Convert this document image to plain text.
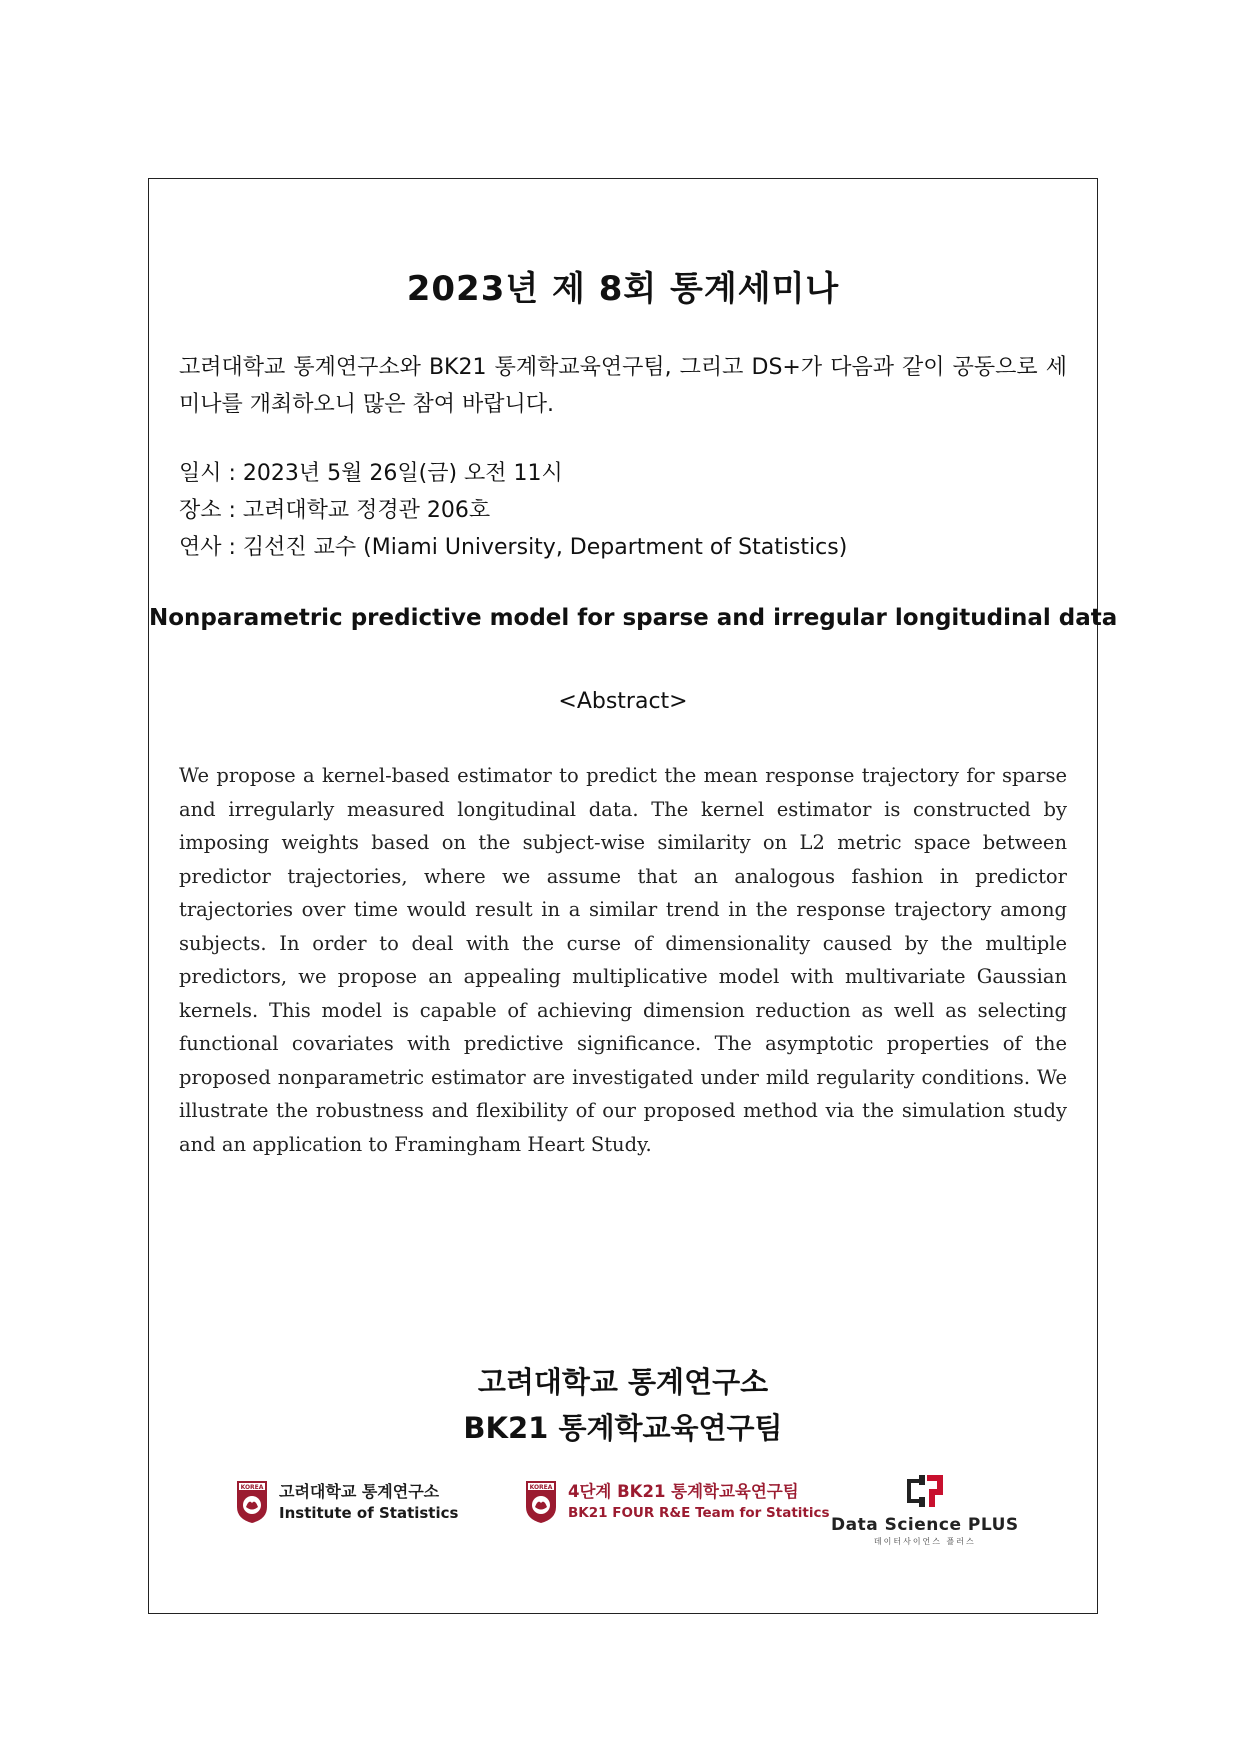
2023년 제 8회 통계세미나
고려대학교 통계연구소와 BK21 통계학교육연구팀, 그리고 DS+가 다음과 같이 공동으로 세미나를 개최하오니 많은 참여 바랍니다.
일시 : 2023년 5월 26일(금) 오전 11시
장소 : 고려대학교 정경관 206호
연사 : 김선진 교수 (Miami University, Department of Statistics)
Nonparametric predictive model for sparse and irregular longitudinal data
<Abstract>
We propose a kernel-based estimator to predict the mean response trajectory for sparse and irregularly measured longitudinal data. The kernel estimator is constructed by imposing weights based on the subject-wise similarity on L2 metric space between predictor trajectories, where we assume that an analogous fashion in predictor trajectories over time would result in a similar trend in the response trajectory among subjects. In order to deal with the curse of dimensionality caused by the multiple predictors, we propose an appealing multiplicative model with multivariate Gaussian kernels. This model is capable of achieving dimension reduction as well as selecting functional covariates with predictive significance. The asymptotic properties of the proposed nonparametric estimator are investigated under mild regularity conditions. We illustrate the robustness and flexibility of our proposed method via the simulation study and an application to Framingham Heart Study.
고려대학교 통계연구소
BK21 통계학교육연구팀
KOREA 고려대학교 통계연구소
Institute of Statistics
KOREA 4단계 BK21 통계학교육연구팀
BK21 FOUR R&E Team for Statitics
Data Science PLUS
데이터사이언스 플러스
